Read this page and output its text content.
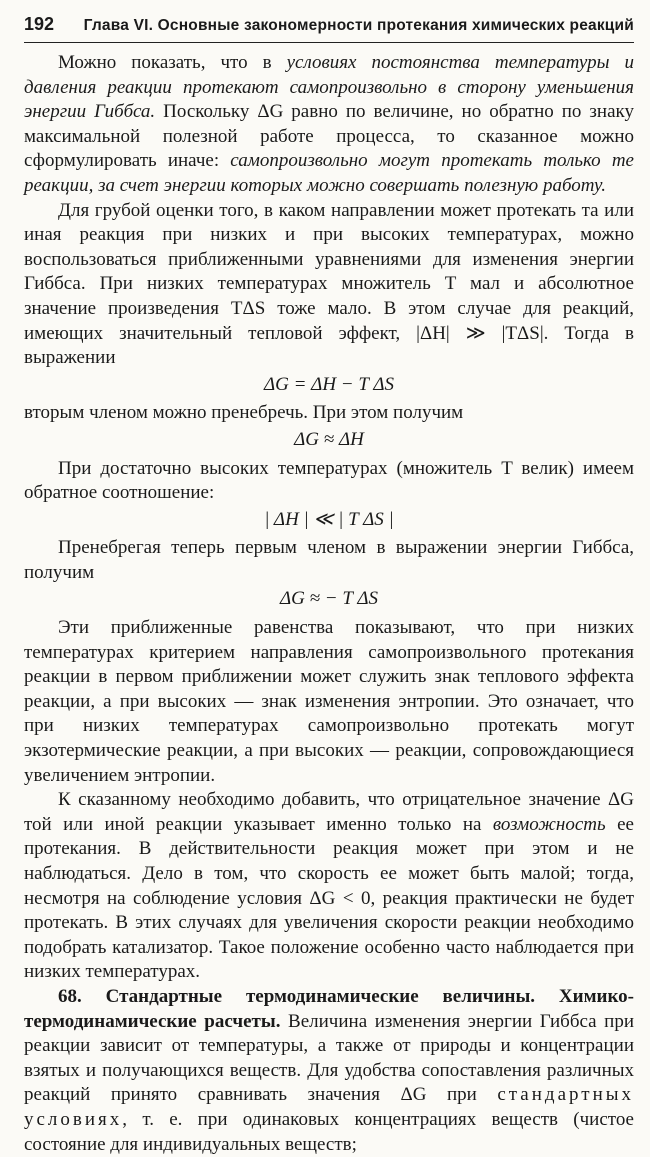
192	Глава VI. Основные закономерности протекания химических реакций

Можно показать, что в условиях постоянства температуры и давления реакции протекают самопроизвольно в сторону уменьшения энергии Гиббса. Поскольку ΔG равно по величине, но обратно по знаку максимальной полезной работе процесса, то сказанное можно сформулировать иначе: самопроизвольно могут протекать только те реакции, за счет энергии которых можно совершать полезную работу.

Для грубой оценки того, в каком направлении может протекать та или иная реакция при низких и при высоких температурах, можно воспользоваться приближенными уравнениями для изменения энергии Гиббса. При низких температурах множитель T мал и абсолютное значение произведения TΔS тоже мало. В этом случае для реакций, имеющих значительный тепловой эффект, |ΔH| ≫ |TΔS|. Тогда в выражении

ΔG = ΔH − T ΔS

вторым членом можно пренебречь. При этом получим

ΔG ≈ ΔH

При достаточно высоких температурах (множитель T велик) имеем обратное соотношение:

| ΔH | ≪ | T ΔS |

Пренебрегая теперь первым членом в выражении энергии Гиббса, получим

ΔG ≈ − T ΔS

Эти приближенные равенства показывают, что при низких температурах критерием направления самопроизвольного протекания реакции в первом приближении может служить знак теплового эффекта реакции, а при высоких — знак изменения энтропии. Это означает, что при низких температурах самопроизвольно протекать могут экзотермические реакции, а при высоких — реакции, сопровождающиеся увеличением энтропии.

К сказанному необходимо добавить, что отрицательное значение ΔG той или иной реакции указывает именно только на возможность ее протекания. В действительности реакция может при этом и не наблюдаться. Дело в том, что скорость ее может быть малой; тогда, несмотря на соблюдение условия ΔG < 0, реакция практически не будет протекать. В этих случаях для увеличения скорости реакции необходимо подобрать катализатор. Такое положение особенно часто наблюдается при низких температурах.

68. Стандартные термодинамические величины. Химико-термодинамические расчеты. Величина изменения энергии Гиббса при реакции зависит от температуры, а также от природы и концентрации взятых и получающихся веществ. Для удобства сопоставления различных реакций принято сравнивать значения ΔG при стандартных условиях, т. е. при одинаковых концентрациях веществ (чистое состояние для индивидуальных веществ;
